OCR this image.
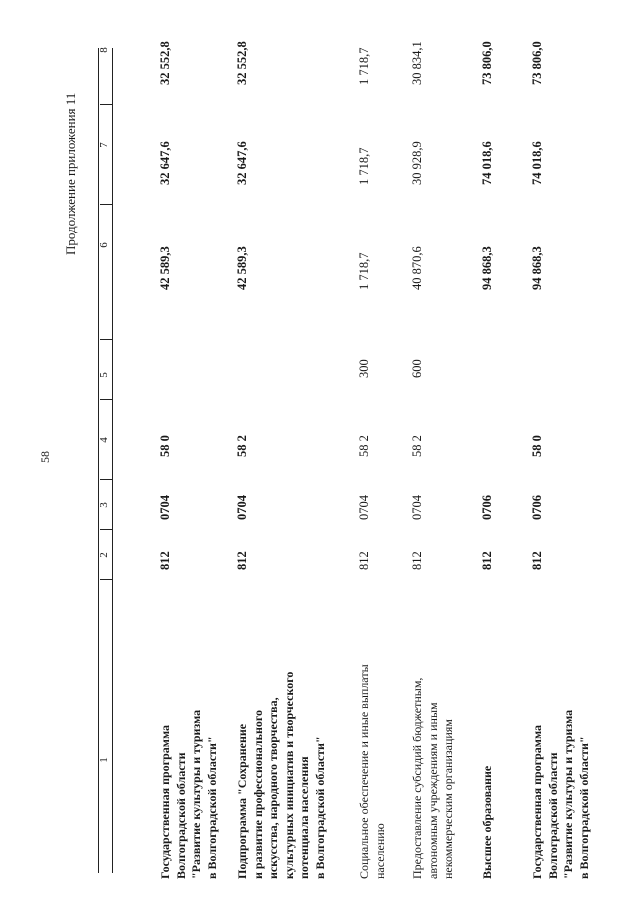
58
Продолжение приложения 11
1
2
3
4
5
6
7
8
Государственная программа Волгоградской области "Развитие культуры и туризма в Волгоградской области"
812
0704
58 0
42 589,3
32 647,6
32 552,8
Подпрограмма "Сохранение и развитие профессионального искусства, народного творчества, культурных инициатив и творческого потенциала населения в Волгоградской области"
812
0704
58 2
42 589,3
32 647,6
32 552,8
Социальное обеспечение и иные выплаты населению
812
0704
58 2
300
1 718,7
1 718,7
1 718,7
Предоставление субсидий бюджетным, автономным учреждениям и иным некоммерческим организациям
812
0704
58 2
600
40 870,6
30 928,9
30 834,1
Высшее образование
812
0706
94 868,3
74 018,6
73 806,0
Государственная программа Волгоградской области "Развитие культуры и туризма в Волгоградской области"
812
0706
58 0
94 868,3
74 018,6
73 806,0
